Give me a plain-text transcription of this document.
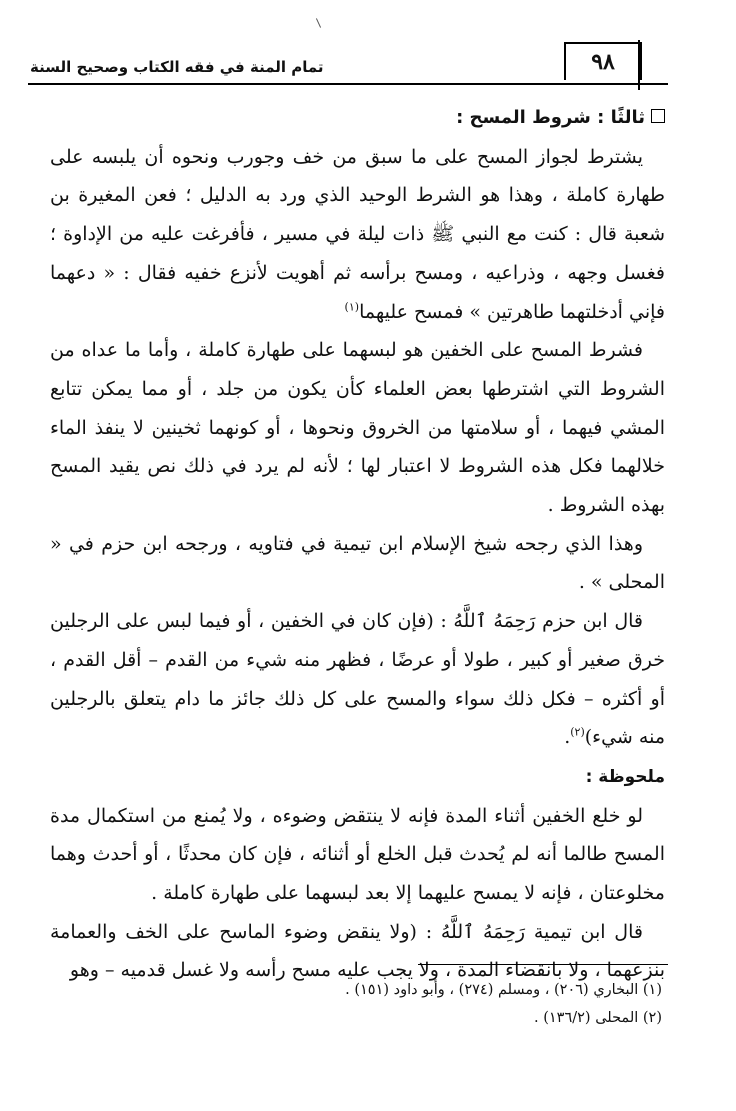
تمام المنة في فقه الكتاب وصحيح السنة	٩٨

ثالثًا : شروط المسح :

يشترط لجواز المسح على ما سبق من خف وجورب ونحوه أن يلبسه على طهارة كاملة ، وهذا هو الشرط الوحيد الذي ورد به الدليل ؛ فعن المغيرة بن شعبة قال : كنت مع النبي ﷺ ذات ليلة في مسير ، فأفرغت عليه من الإداوة ؛ فغسل وجهه ، وذراعيه ، ومسح برأسه ثم أهويت لأنزع خفيه فقال : « دعهما فإني أدخلتهما طاهرتين » فمسح عليهما$^{(١)}$

فشرط المسح على الخفين هو لبسهما على طهارة كاملة ، وأما ما عداه من الشروط التي اشترطها بعض العلماء كأن يكون من جلد ، أو مما يمكن تتابع المشي فيهما ، أو سلامتها من الخروق ونحوها ، أو كونهما ثخينين لا ينفذ الماء خلالهما فكل هذه الشروط لا اعتبار لها ؛ لأنه لم يرد في ذلك نص يقيد المسح بهذه الشروط .

وهذا الذي رجحه شيخ الإسلام ابن تيمية في فتاويه ، ورجحه ابن حزم في « المحلى » .

قال ابن حزم رَحِمَهُ ٱللَّهُ : (فإن كان في الخفين ، أو فيما لبس على الرجلين خرق صغير أو كبير ، طولا أو عرضًا ، فظهر منه شيء من القدم – أقل القدم ، أو أكثره – فكل ذلك سواء والمسح على كل ذلك جائز ما دام يتعلق بالرجلين منه شيء)$^{(٢)}$.

ملحوظة :

لو خلع الخفين أثناء المدة فإنه لا ينتقض وضوءه ، ولا يُمنع من استكمال مدة المسح طالما أنه لم يُحدث قبل الخلع أو أثنائه ، فإن كان محدثًا ، أو أحدث وهما مخلوعتان ، فإنه لا يمسح عليهما إلا بعد لبسهما على طهارة كاملة .

قال ابن تيمية رَحِمَهُ ٱللَّهُ : (ولا ينقض وضوء الماسح على الخف والعمامة بنزعهما ، ولا بانقضاء المدة ، ولا يجب عليه مسح رأسه ولا غسل قدميه – وهو

(١) البخاري (٢٠٦) ، ومسلم (٢٧٤) ، وأبو داود (١٥١) .

(٢) المحلى (١٣٦/٢) .
